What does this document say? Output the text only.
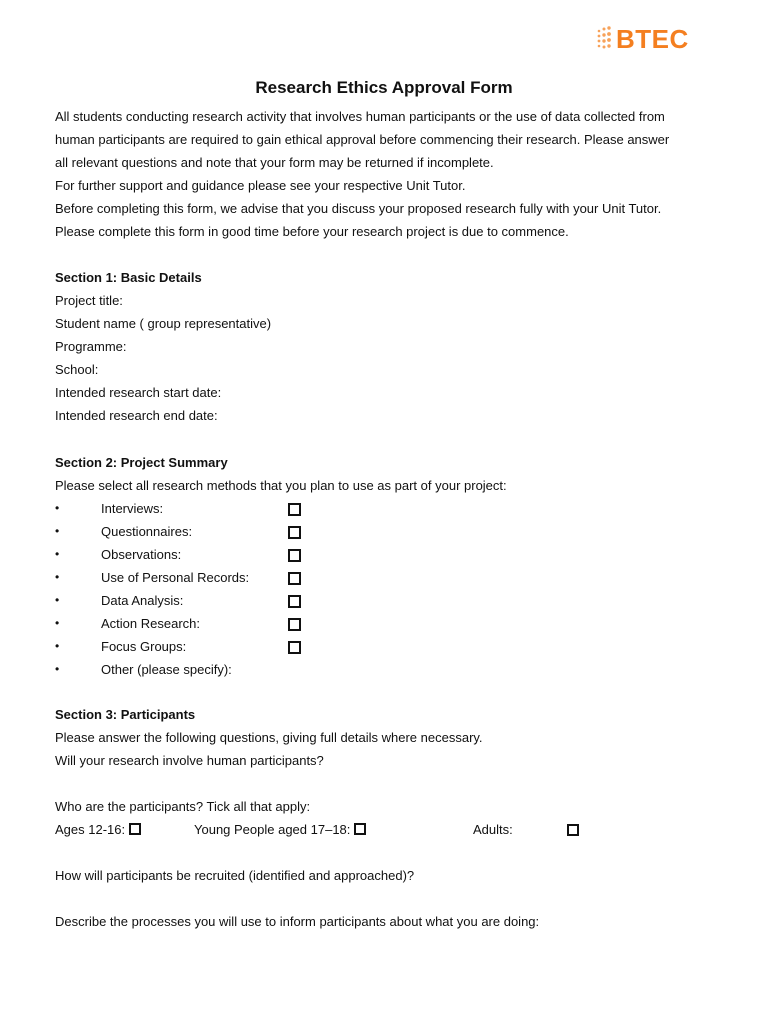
BTEC
Research Ethics Approval Form
All students conducting research activity that involves human participants or the use of data collected from
human participants are required to gain ethical approval before commencing their research. Please answer
all relevant questions and note that your form may be returned if incomplete.
For further support and guidance please see your respective Unit Tutor.
Before completing this form, we advise that you discuss your proposed research fully with your Unit Tutor.
Please complete this form in good time before your research project is due to commence.
Section 1: Basic Details
Project title:
Student name ( group representative)
Programme:
School:
Intended research start date:
Intended research end date:
Section 2: Project Summary
Please select all research methods that you plan to use as part of your project:
•	Interviews:
•	Questionnaires:
•	Observations:
•	Use of Personal Records:
•	Data Analysis:
•	Action Research:
•	Focus Groups:
•	Other (please specify):
Section 3: Participants
Please answer the following questions, giving full details where necessary.
Will your research involve human participants?
Who are the participants? Tick all that apply:
Ages 12-16:	Young People aged 17–18:	Adults:
How will participants be recruited (identified and approached)?
Describe the processes you will use to inform participants about what you are doing:
